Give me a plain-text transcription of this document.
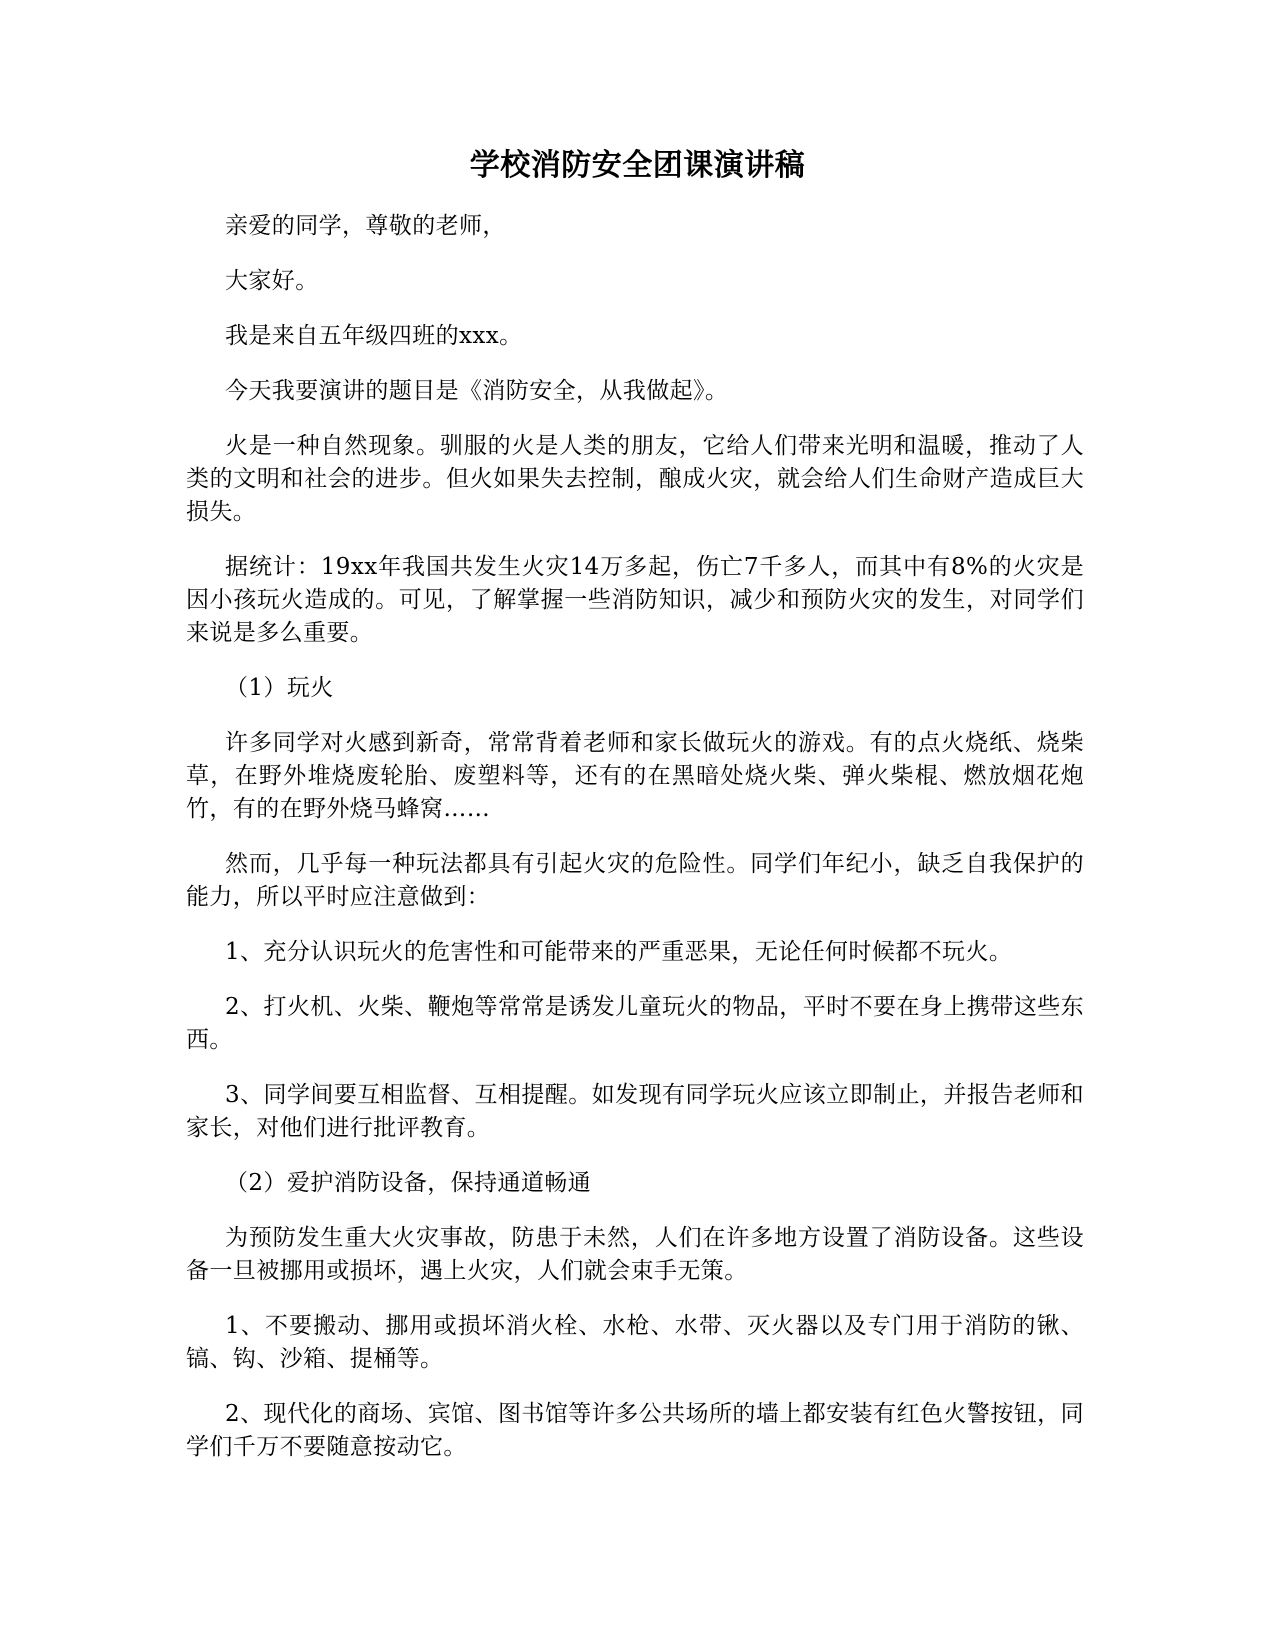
学校消防安全团课演讲稿

亲爱的同学，尊敬的老师，

大家好。

我是来自五年级四班的xxx。

今天我要演讲的题目是《消防安全，从我做起》。

火是一种自然现象。驯服的火是人类的朋友，它给人们带来光明和温暖，推动了人类的文明和社会的进步。但火如果失去控制，酿成火灾，就会给人们生命财产造成巨大损失。

据统计：19xx年我国共发生火灾14万多起，伤亡7千多人，而其中有8%的火灾是因小孩玩火造成的。可见，了解掌握一些消防知识，减少和预防火灾的发生，对同学们来说是多么重要。

（1）玩火

许多同学对火感到新奇，常常背着老师和家长做玩火的游戏。有的点火烧纸、烧柴草，在野外堆烧废轮胎、废塑料等，还有的在黑暗处烧火柴、弹火柴棍、燃放烟花炮竹，有的在野外烧马蜂窝……

然而，几乎每一种玩法都具有引起火灾的危险性。同学们年纪小，缺乏自我保护的能力，所以平时应注意做到：

1、充分认识玩火的危害性和可能带来的严重恶果，无论任何时候都不玩火。

2、打火机、火柴、鞭炮等常常是诱发儿童玩火的物品，平时不要在身上携带这些东西。

3、同学间要互相监督、互相提醒。如发现有同学玩火应该立即制止，并报告老师和家长，对他们进行批评教育。

（2）爱护消防设备，保持通道畅通

为预防发生重大火灾事故，防患于未然，人们在许多地方设置了消防设备。这些设备一旦被挪用或损坏，遇上火灾，人们就会束手无策。

1、不要搬动、挪用或损坏消火栓、水枪、水带、灭火器以及专门用于消防的锹、镐、钩、沙箱、提桶等。

2、现代化的商场、宾馆、图书馆等许多公共场所的墙上都安装有红色火警按钮，同学们千万不要随意按动它。
